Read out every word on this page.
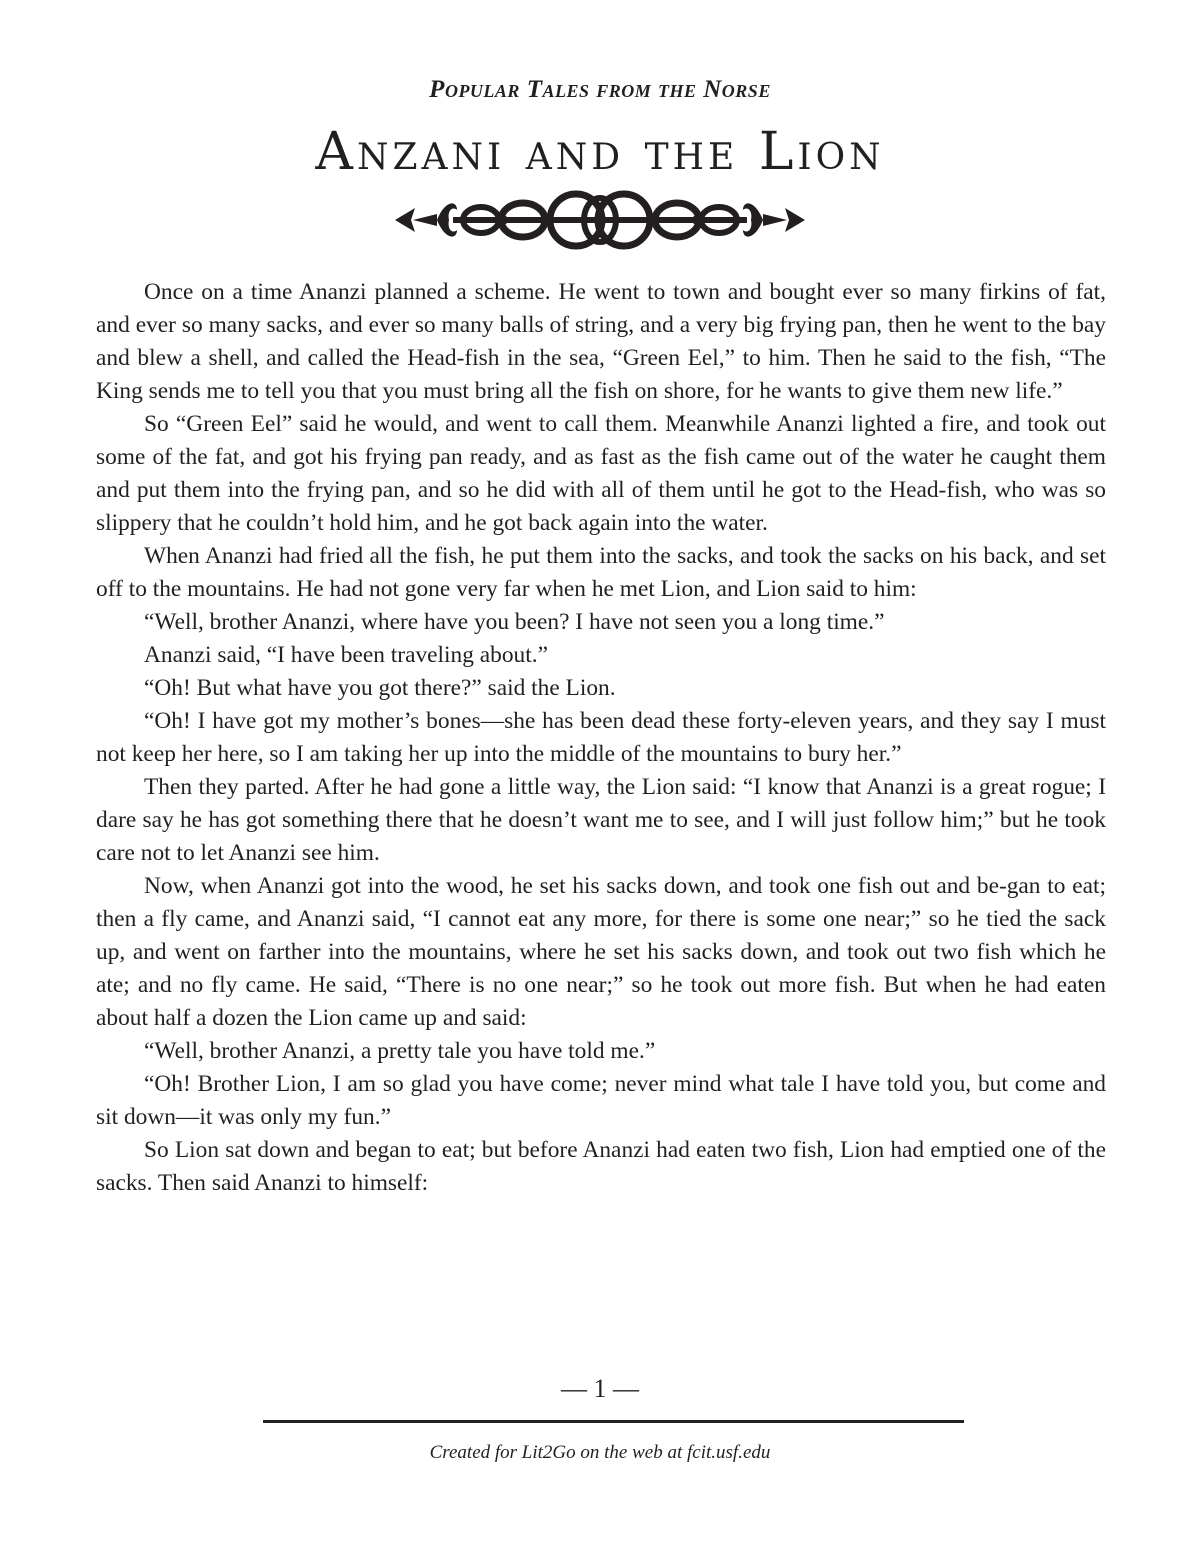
Popular Tales from the Norse
Anzani and the Lion

Once on a time Ananzi planned a scheme. He went to town and bought ever so many firkins of fat, and ever so many sacks, and ever so many balls of string, and a very big frying pan, then he went to the bay and blew a shell, and called the Head-fish in the sea, “Green Eel,” to him. Then he said to the fish, “The King sends me to tell you that you must bring all the fish on shore, for he wants to give them new life.”

So “Green Eel” said he would, and went to call them. Meanwhile Ananzi lighted a fire, and took out some of the fat, and got his frying pan ready, and as fast as the fish came out of the water he caught them and put them into the frying pan, and so he did with all of them until he got to the Head-fish, who was so slippery that he couldn’t hold him, and he got back again into the water.

When Ananzi had fried all the fish, he put them into the sacks, and took the sacks on his back, and set off to the mountains. He had not gone very far when he met Lion, and Lion said to him:

“Well, brother Ananzi, where have you been? I have not seen you a long time.”

Ananzi said, “I have been traveling about.”

“Oh! But what have you got there?” said the Lion.

“Oh! I have got my mother’s bones—she has been dead these forty-eleven years, and they say I must not keep her here, so I am taking her up into the middle of the mountains to bury her.”

Then they parted. After he had gone a little way, the Lion said: “I know that Ananzi is a great rogue; I dare say he has got something there that he doesn’t want me to see, and I will just follow him;” but he took care not to let Ananzi see him.

Now, when Ananzi got into the wood, he set his sacks down, and took one fish out and be-gan to eat; then a fly came, and Ananzi said, “I cannot eat any more, for there is some one near;” so he tied the sack up, and went on farther into the mountains, where he set his sacks down, and took out two fish which he ate; and no fly came. He said, “There is no one near;” so he took out more fish. But when he had eaten about half a dozen the Lion came up and said:

“Well, brother Ananzi, a pretty tale you have told me.”

“Oh! Brother Lion, I am so glad you have come; never mind what tale I have told you, but come and sit down—it was only my fun.”

So Lion sat down and began to eat; but before Ananzi had eaten two fish, Lion had emptied one of the sacks. Then said Ananzi to himself:

— 1 —
Created for Lit2Go on the web at fcit.usf.edu
